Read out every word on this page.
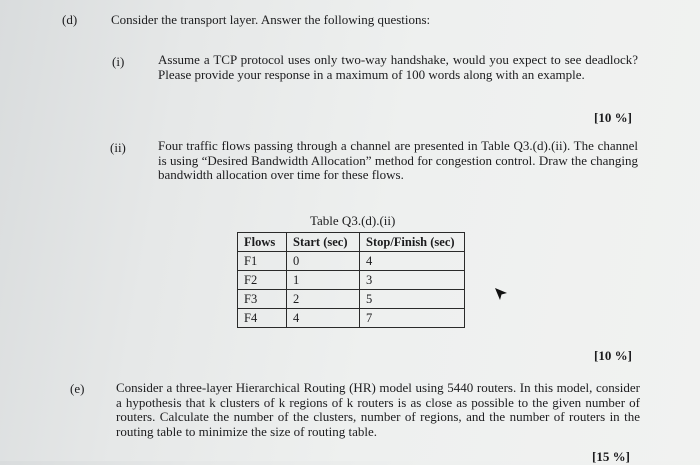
(d)	Consider the transport layer. Answer the following questions:
(i)	Assume a TCP protocol uses only two-way handshake, would you expect to see deadlock? Please provide your response in a maximum of 100 words along with an example.
[10 %]
(ii) Four traffic flows passing through a channel are presented in Table Q3.(d).(ii). The channel is using “Desired Bandwidth Allocation” method for congestion control. Draw the changing bandwidth allocation over time for these flows.
Table Q3.(d).(ii)
Flows	Start (sec)	Stop/Finish (sec)
F1	0	4
F2	1	3
F3	2	5
F4	4	7
[10 %]
(e) Consider a three-layer Hierarchical Routing (HR) model using 5440 routers. In this model, consider a hypothesis that k clusters of k regions of k routers is as close as possible to the given number of routers. Calculate the number of the clusters, number of regions, and the number of routers in the routing table to minimize the size of routing table.
[15 %]
